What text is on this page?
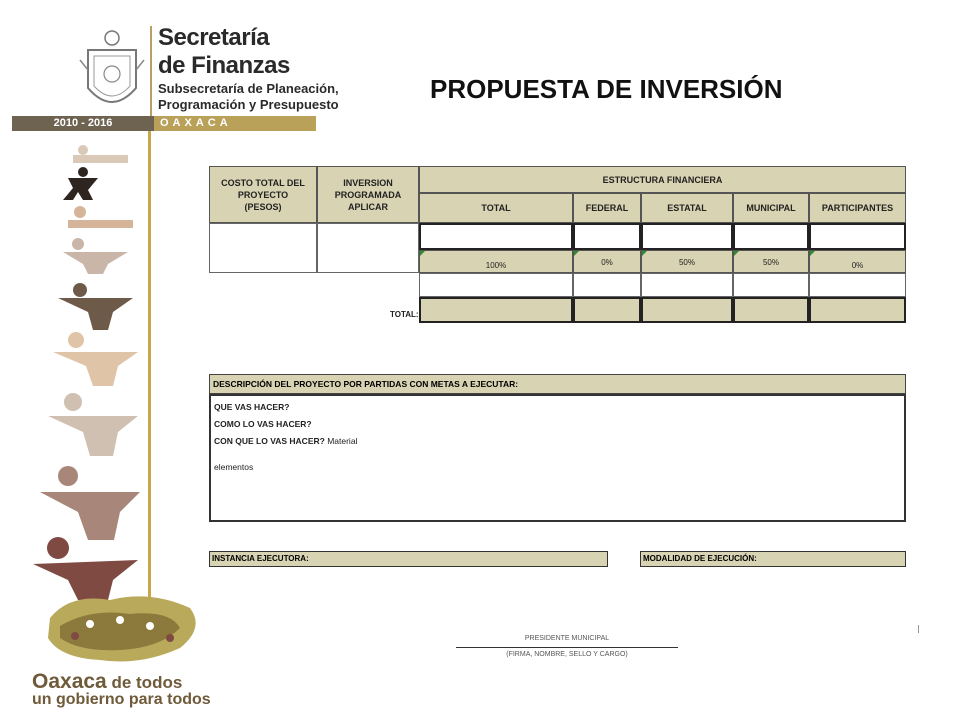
Secretaría
de Finanzas
Subsecretaría de Planeación,
Programación y Presupuesto
2010 - 2016	OAXACA
PROPUESTA DE INVERSIÓN
Oaxaca de todos
un gobierno para todos
COSTO TOTAL DEL PROYECTO (PESOS)
INVERSION PROGRAMADA APLICAR
ESTRUCTURA FINANCIERA
TOTAL	FEDERAL	ESTATAL	MUNICIPAL	PARTICIPANTES
100%	0%	50%	50%	0%
TOTAL:
DESCRIPCIÓN DEL PROYECTO POR PARTIDAS CON METAS A EJECUTAR:
QUE VAS HACER?
COMO LO VAS HACER?
CON QUE LO VAS HACER? Material
elementos
INSTANCIA EJECUTORA:	MODALIDAD DE EJECUCIÓN:
PRESIDENTE MUNICIPAL
(FIRMA, NOMBRE, SELLO Y CARGO)
